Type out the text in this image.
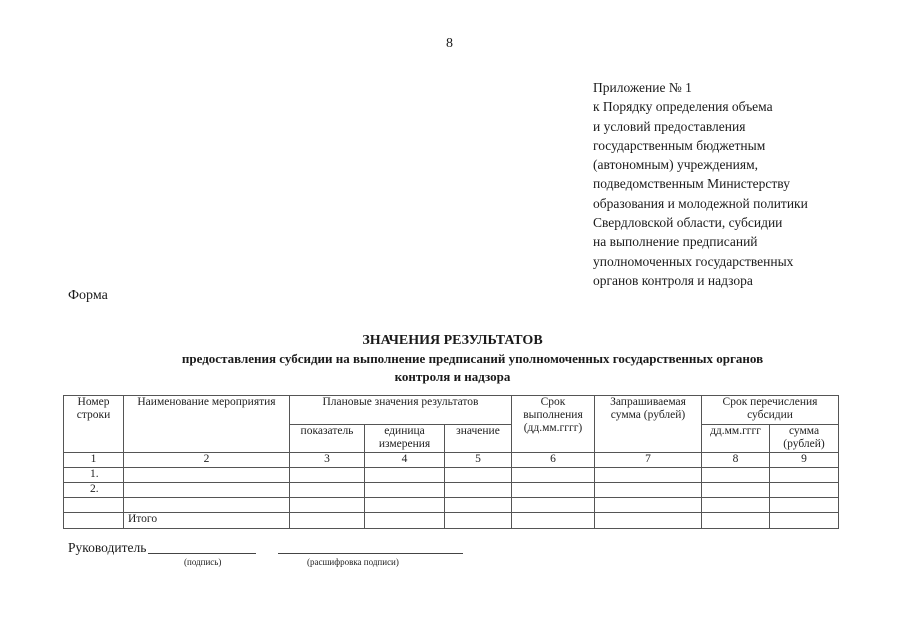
8
Приложение № 1
к Порядку определения объема
и условий предоставления
государственным бюджетным
(автономным) учреждениям,
подведомственным Министерству
образования и молодежной политики
Свердловской области, субсидии
на выполнение предписаний
уполномоченных государственных
органов контроля и надзора
Форма
ЗНАЧЕНИЯ РЕЗУЛЬТАТОВ
предоставления субсидии на выполнение предписаний уполномоченных государственных органов
контроля и надзора
Номер строки	Наименование мероприятия	Плановые значения результатов			Срок выполнения (дд.мм.гггг)	Запрашиваемая сумма (рублей)	Срок перечисления субсидии	
		показатель	единица измерения	значение			дд.мм.гггг	сумма (рублей)
1	2	3	4	5	6	7	8	9
1.								
2.								

	Итого							
Руководитель
(подпись)	(расшифровка подписи)
